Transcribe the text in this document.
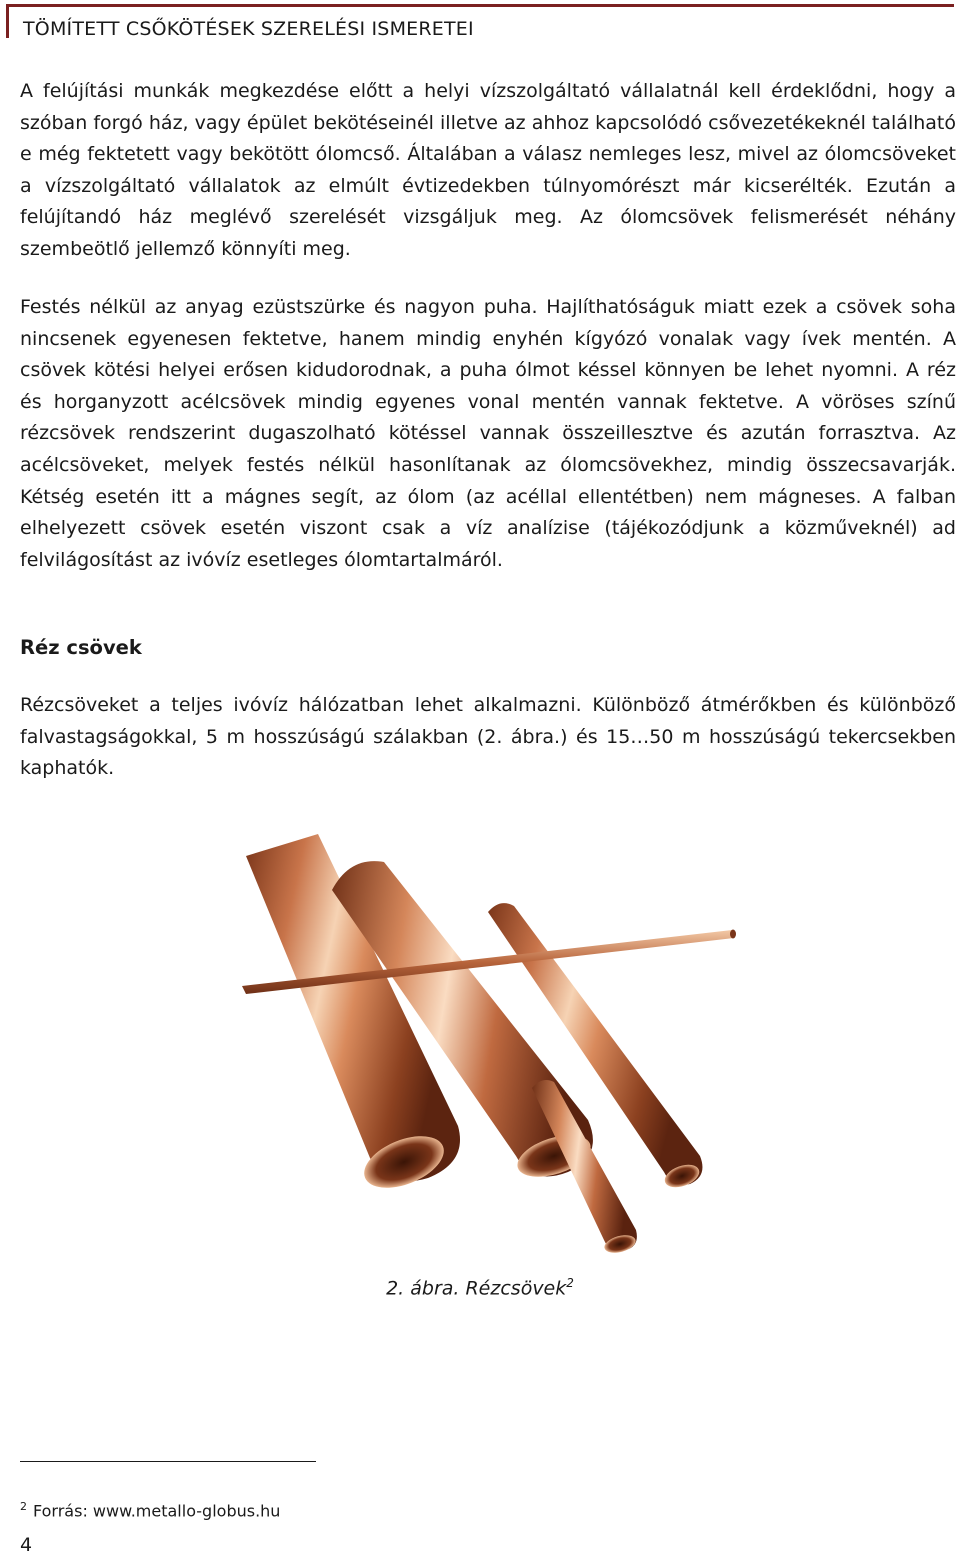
TÖMÍTETT CSŐKÖTÉSEK SZERELÉSI ISMERETEI

A felújítási munkák megkezdése előtt a helyi vízszolgáltató vállalatnál kell érdeklődni, hogy a szóban forgó ház, vagy épület bekötéseinél illetve az ahhoz kapcsolódó csővezetékeknél található e még fektetett vagy bekötött ólomcső. Általában a válasz nemleges lesz, mivel az ólomcsöveket a vízszolgáltató vállalatok az elmúlt évtizedekben túlnyomórészt már kicserélték. Ezután a felújítandó ház meglévő szerelését vizsgáljuk meg. Az ólomcsövek felismerését néhány szembeötlő jellemző könnyíti meg.

Festés nélkül az anyag ezüstszürke és nagyon puha. Hajlíthatóságuk miatt ezek a csövek soha nincsenek egyenesen fektetve, hanem mindig enyhén kígyózó vonalak vagy ívek mentén. A csövek kötési helyei erősen kidudorodnak, a puha ólmot késsel könnyen be lehet nyomni. A réz és horganyzott acélcsövek mindig egyenes vonal mentén vannak fektetve. A vöröses színű rézcsövek rendszerint dugaszolható kötéssel vannak összeillesztve és azután forrasztva. Az acélcsöveket, melyek festés nélkül hasonlítanak az ólomcsövekhez, mindig összecsavarják. Kétség esetén itt a mágnes segít, az ólom (az acéllal ellentétben) nem mágneses. A falban elhelyezett csövek esetén viszont csak a víz analízise (tájékozódjunk a közműveknél) ad felvilágosítást az ivóvíz esetleges ólomtartalmáról.

Réz csövek

Rézcsöveket a teljes ivóvíz hálózatban lehet alkalmazni. Különböző átmérőkben és különböző falvastagságokkal, 5 m hosszúságú szálakban (2. ábra.) és 15…50 m hosszúságú tekercsekben kaphatók.

2. ábra. Rézcsövek$^2$
$^2$ Forrás: www.metallo-globus.hu
4
